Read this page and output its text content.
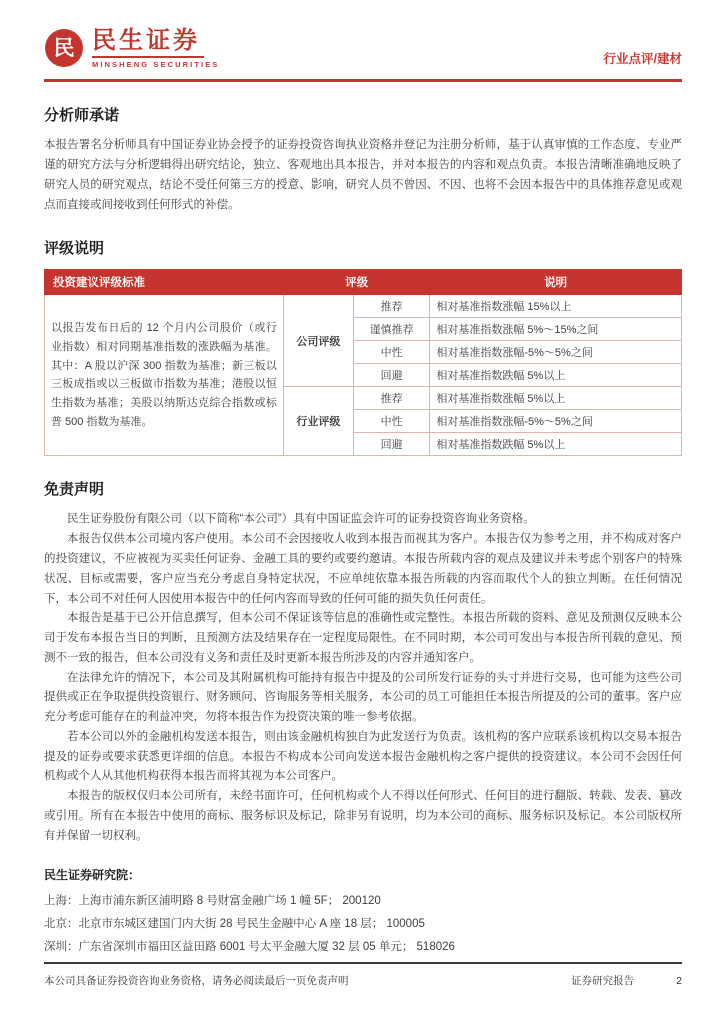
民 民生证券
MINSHENG SECURITIES	行业点评/建材
分析师承诺

本报告署名分析师具有中国证券业协会授予的证券投资咨询执业资格并登记为注册分析师，基于认真审慎的工作态度、专业严谨的研究方法与分析逻辑得出研究结论，独立、客观地出具本报告，并对本报告的内容和观点负责。本报告清晰准确地反映了研究人员的研究观点，结论不受任何第三方的授意、影响，研究人员不曾因、不因、也将不会因本报告中的具体推荐意见或观点而直接或间接收到任何形式的补偿。

评级说明
投资建议评级标准	评级		说明
以报告发布日后的 12 个月内公司股价（或行业指数）相对同期基准指数的涨跌幅为基准。其中：A 股以沪深 300 指数为基准；新三板以三板成指或以三板做市指数为基准；港股以恒生指数为基准；美股以纳斯达克综合指数或标普 500 指数为基准。	公司评级	推荐	相对基准指数涨幅 15%以上
		谨慎推荐	相对基准指数涨幅 5%～15%之间
		中性	相对基准指数涨幅-5%～5%之间
		回避	相对基准指数跌幅 5%以上
	行业评级	推荐	相对基准指数涨幅 5%以上
		中性	相对基准指数涨幅-5%～5%之间
		回避	相对基准指数跌幅 5%以上
免责声明

民生证券股份有限公司（以下简称“本公司”）具有中国证监会许可的证券投资咨询业务资格。

本报告仅供本公司境内客户使用。本公司不会因接收人收到本报告而视其为客户。本报告仅为参考之用，并不构成对客户的投资建议，不应被视为买卖任何证券、金融工具的要约或要约邀请。本报告所载内容的观点及建议并未考虑个别客户的特殊状况、目标或需要，客户应当充分考虑自身特定状况，不应单纯依靠本报告所载的内容而取代个人的独立判断。在任何情况下，本公司不对任何人因使用本报告中的任何内容而导致的任何可能的损失负任何责任。

本报告是基于已公开信息撰写，但本公司不保证该等信息的准确性或完整性。本报告所载的资料、意见及预测仅反映本公司于发布本报告当日的判断，且预测方法及结果存在一定程度局限性。在不同时期，本公司可发出与本报告所刊载的意见、预测不一致的报告，但本公司没有义务和责任及时更新本报告所涉及的内容并通知客户。

在法律允许的情况下，本公司及其附属机构可能持有报告中提及的公司所发行证券的头寸并进行交易，也可能为这些公司提供或正在争取提供投资银行、财务顾问、咨询服务等相关服务，本公司的员工可能担任本报告所提及的公司的董事。客户应充分考虑可能存在的利益冲突，勿将本报告作为投资决策的唯一参考依据。

若本公司以外的金融机构发送本报告，则由该金融机构独自为此发送行为负责。该机构的客户应联系该机构以交易本报告提及的证券或要求获悉更详细的信息。本报告不构成本公司向发送本报告金融机构之客户提供的投资建议。本公司不会因任何机构或个人从其他机构获得本报告而将其视为本公司客户。

本报告的版权仅归本公司所有，未经书面许可，任何机构或个人不得以任何形式、任何目的进行翻版、转载、发表、篡改或引用。所有在本报告中使用的商标、服务标识及标记，除非另有说明，均为本公司的商标、服务标识及标记。本公司版权所有并保留一切权利。

民生证券研究院：
上海：上海市浦东新区浦明路 8 号财富金融广场 1 幢 5F； 200120
北京：北京市东城区建国门内大街 28 号民生金融中心 A 座 18 层； 100005
深圳：广东省深圳市福田区益田路 6001 号太平金融大厦 32 层 05 单元； 518026
本公司具备证券投资咨询业务资格，请务必阅读最后一页免责声明	证券研究报告	2
